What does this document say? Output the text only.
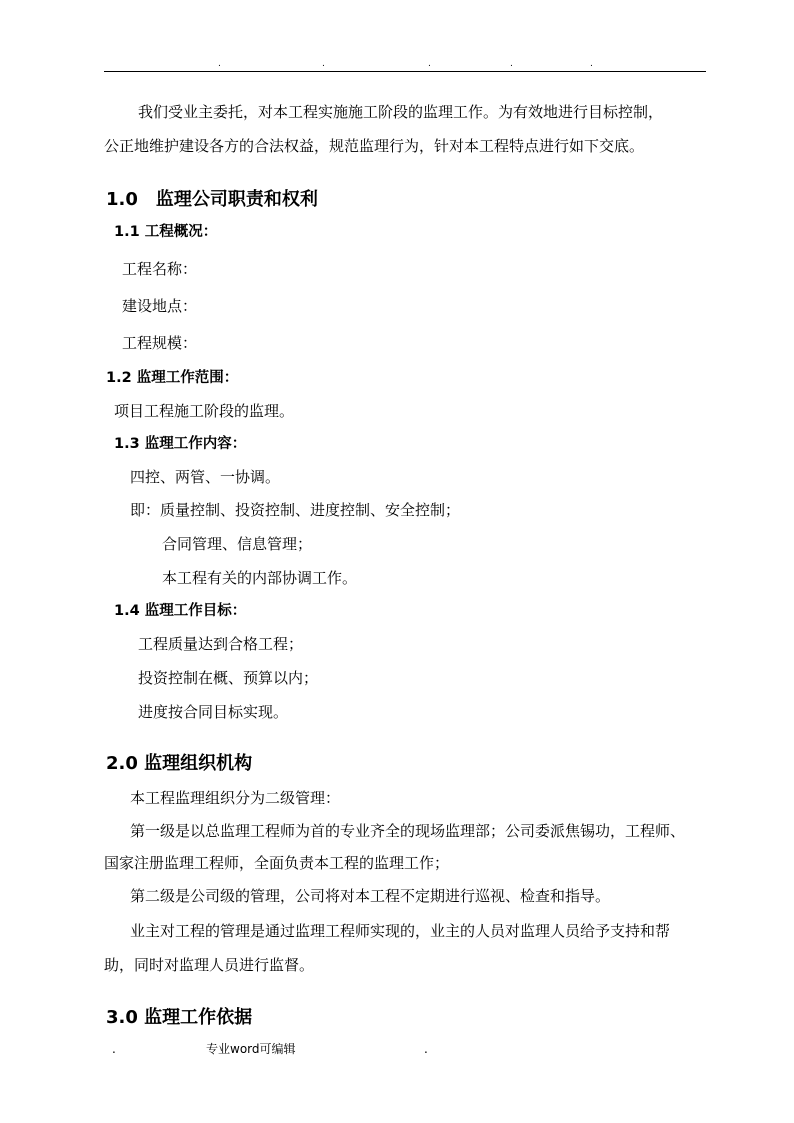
.	.	.	.	.
我们受业主委托，对本工程实施施工阶段的监理工作。为有效地进行目标控制，
公正地维护建设各方的合法权益，规范监理行为，针对本工程特点进行如下交底。
1.0　监理公司职责和权利
1.1 工程概况：
工程名称：
建设地点：
工程规模：
1.2 监理工作范围：
项目工程施工阶段的监理。
1.3 监理工作内容：
四控、两管、一协调。
即：质量控制、投资控制、进度控制、安全控制；
合同管理、信息管理；
本工程有关的内部协调工作。
1.4 监理工作目标：
工程质量达到合格工程；
投资控制在概、预算以内；
进度按合同目标实现。
2.0 监理组织机构
本工程监理组织分为二级管理：
第一级是以总监理工程师为首的专业齐全的现场监理部；公司委派焦锡功，工程师、
国家注册监理工程师，全面负责本工程的监理工作；
第二级是公司级的管理，公司将对本工程不定期进行巡视、检查和指导。
业主对工程的管理是通过监理工程师实现的，业主的人员对监理人员给予支持和帮
助，同时对监理人员进行监督。
3.0 监理工作依据
.	专业word可编辑	.
